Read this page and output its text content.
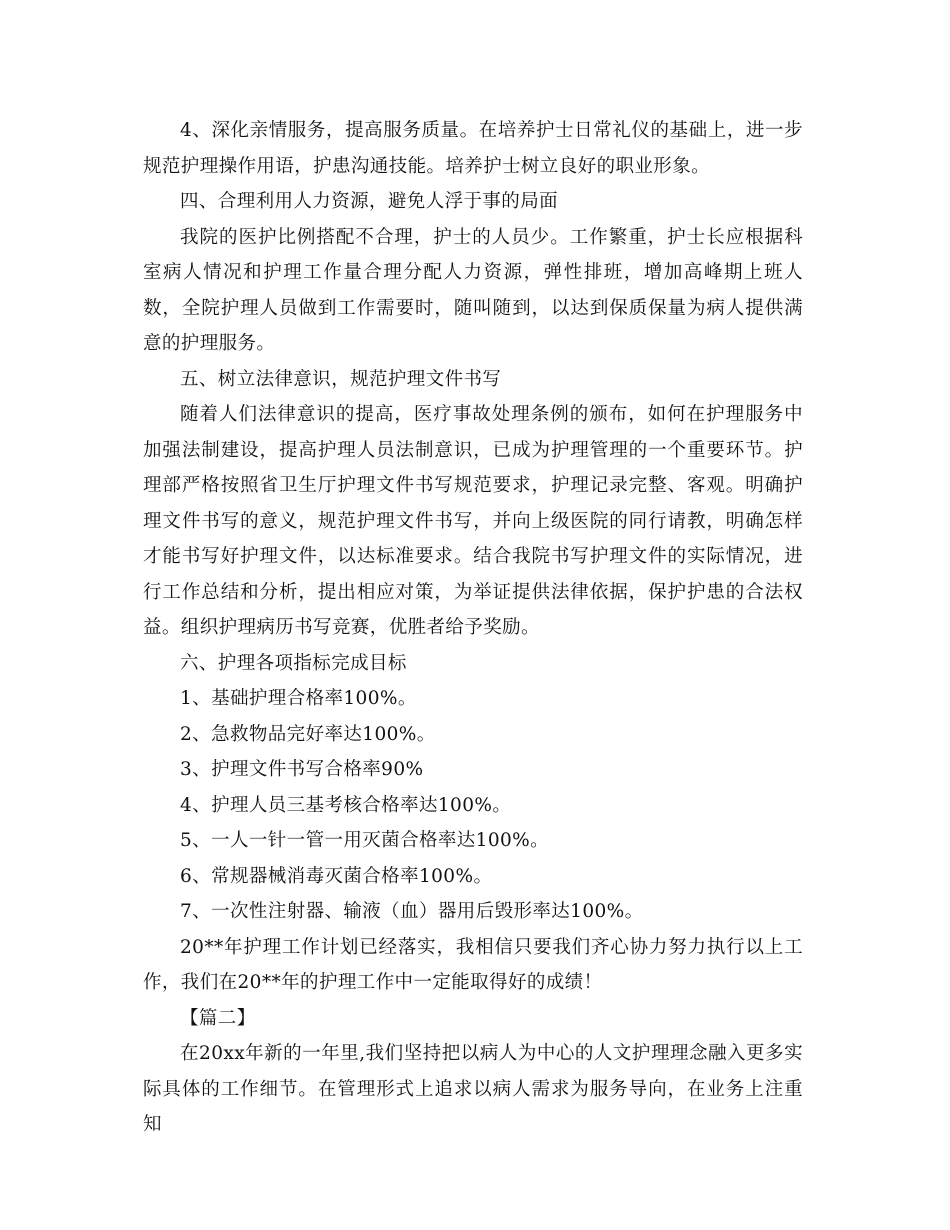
4、深化亲情服务，提高服务质量。在培养护士日常礼仪的基础上，进一步规范护理操作用语，护患沟通技能。培养护士树立良好的职业形象。

四、合理利用人力资源，避免人浮于事的局面

我院的医护比例搭配不合理，护士的人员少。工作繁重，护士长应根据科室病人情况和护理工作量合理分配人力资源，弹性排班，增加高峰期上班人数，全院护理人员做到工作需要时，随叫随到，以达到保质保量为病人提供满意的护理服务。

五、树立法律意识，规范护理文件书写

随着人们法律意识的提高，医疗事故处理条例的颁布，如何在护理服务中加强法制建设，提高护理人员法制意识，已成为护理管理的一个重要环节。护理部严格按照省卫生厅护理文件书写规范要求，护理记录完整、客观。明确护理文件书写的意义，规范护理文件书写，并向上级医院的同行请教，明确怎样才能书写好护理文件，以达标准要求。结合我院书写护理文件的实际情况，进行工作总结和分析，提出相应对策，为举证提供法律依据，保护护患的合法权益。组织护理病历书写竞赛，优胜者给予奖励。

六、护理各项指标完成目标

1、基础护理合格率100%。

2、急救物品完好率达100%。

3、护理文件书写合格率90%

4、护理人员三基考核合格率达100%。

5、一人一针一管一用灭菌合格率达100%。

6、常规器械消毒灭菌合格率100%。

7、一次性注射器、输液（血）器用后毁形率达100%。

20**年护理工作计划已经落实，我相信只要我们齐心协力努力执行以上工作，我们在20**年的护理工作中一定能取得好的成绩！

【篇二】

在20xx年新的一年里,我们坚持把以病人为中心的人文护理理念融入更多实际具体的工作细节。在管理形式上追求以病人需求为服务导向，在业务上注重知
